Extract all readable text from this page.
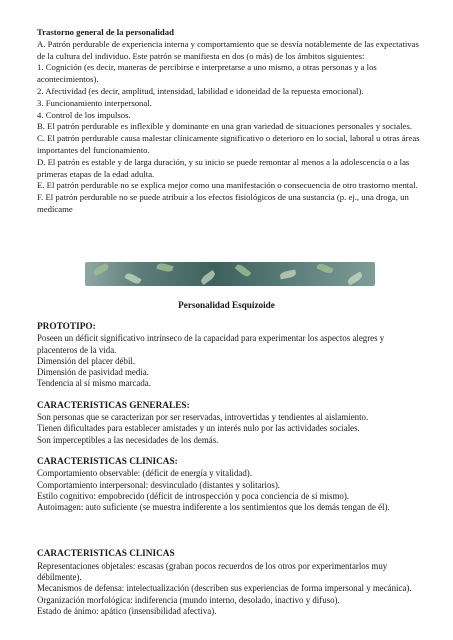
Trastorno general de la personalidad

A. Patrón perdurable de experiencia interna y comportamiento que se desvía notablemente de las expectativas de la cultura del individuo. Este patrón se manifiesta en dos (o más) de los ámbitos siguientes:

1. Cognición (es decir, maneras de percibirse e interpretarse a uno mismo, a otras personas y a los acontecimientos).

2. Afectividad (es decir, amplitud, intensidad, labilidad e idoneidad de la repuesta emocional).

3. Funcionamiento interpersonal.

4. Control de los impulsos.

B. El patrón perdurable es inflexible y dominante en una gran variedad de situaciones personales y sociales.

C. El patrón perdurable causa malestar clínicamente significativo o deterioro en lo social, laboral u otras áreas importantes del funcionamiento.

D. El patrón es estable y de larga duración, y su inicio se puede remontar al menos a la adolescencia o a las primeras etapas de la edad adulta.

E. El patrón perdurable no se explica mejor como una manifestación o consecuencia de otro trastorno mental.

F. El patrón perdurable no se puede atribuir a los efectos fisiológicos de una sustancia (p. ej., una droga, un medícame

Personalidad Esquizoide

PROTOTIPO:

Poseen un déficit significativo intrínseco de la capacidad para experimentar los aspectos alegres y placenteros de la vida.

Dimensión del placer débil.

Dimensión de pasividad media.

Tendencia al sí mismo marcada.

CARACTERISTICAS GENERALES:

Son personas que se caracterizan por ser reservadas, introvertidas y tendientes al aislamiento.

Tienen dificultades para establecer amistades y un interés nulo por las actividades sociales.

Son imperceptibles a las necesidades de los demás.

CARACTERISTICAS CLINICAS:

Comportamiento observable: (déficit de energía y vitalidad).

Comportamiento interpersonal: desvinculado (distantes y solitarios).

Estilo cognitivo: empobrecido (déficit de introspección y poca conciencia de sí mismo).

Autoimagen: auto suficiente (se muestra indiferente a los sentimientos que los demás tengan de él).

CARACTERISTICAS CLINICAS

Representaciones objetales: escasas (graban pocos recuerdos de los otros por experimentarlos muy débilmente).

Mecanismos de defensa: intelectualización (describen sus experiencias de forma impersonal y mecánica).

Organización morfológica: indiferencia (mundo interno, desolado, inactivo y difuso).

Estado de ánimo: apático (insensibilidad afectiva).
